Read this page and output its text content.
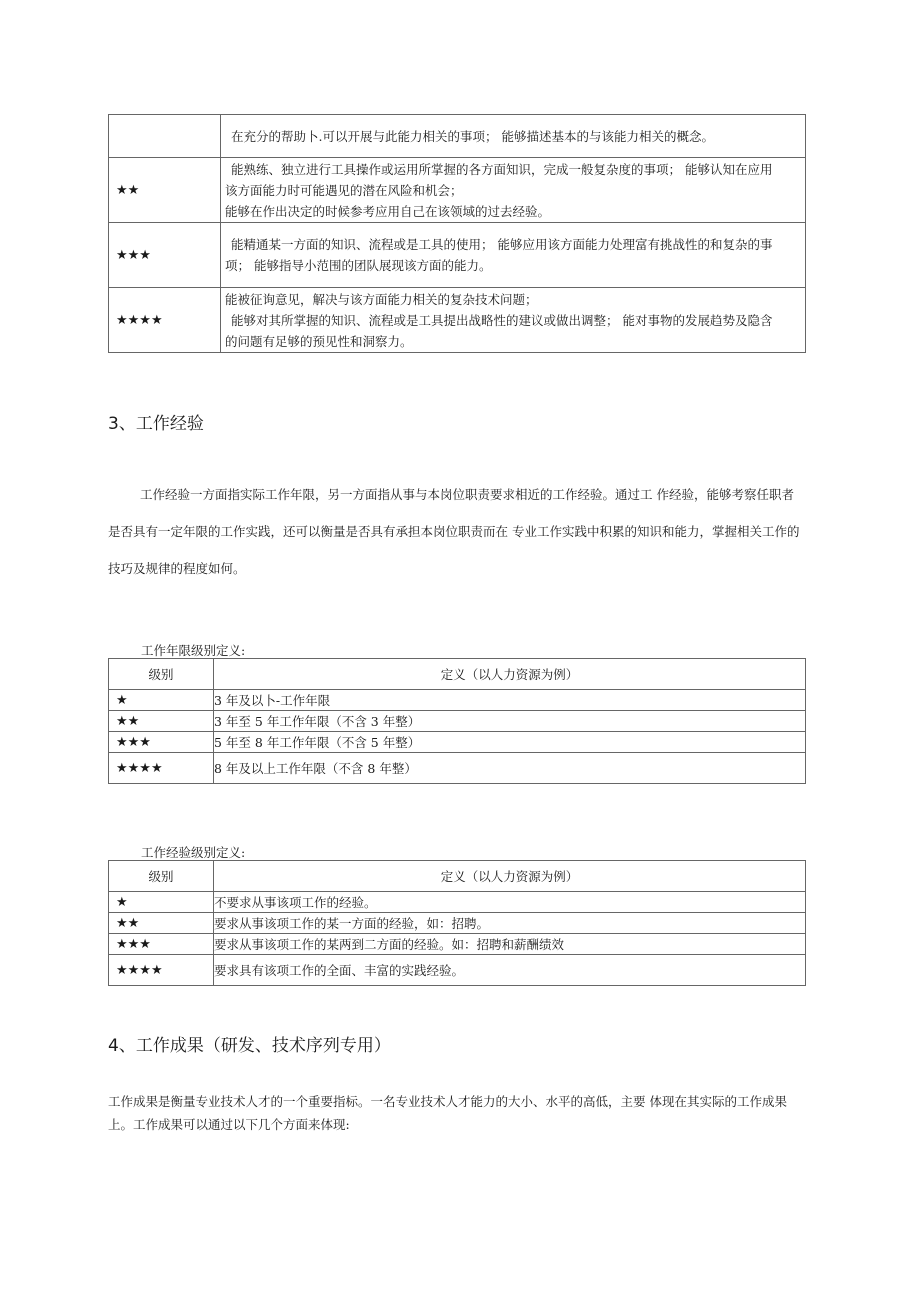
	在充分的帮助卜.可以开展与此能力相关的事项； 能够描述基本的与该能力相关的概念。

★★	能熟练、独立进行工具操作或运用所掌握的各方面知识，完成一般复杂度的事项； 能够认知在应用

该方面能力时可能遇见的潜在风险和机会；

能够在作出决定的时候参考应用自己在该领域的过去经验。

★★★	能精通某一方面的知识、流程或是工具的使用； 能够应用该方面能力处理富有挑战性的和复杂的事

项； 能够指导小范围的团队展现该方面的能力。

★★★★	能被征询意见，解决与该方面能力相关的复杂技术问题；

能够对其所掌握的知识、流程或是工具提出战略性的建议或做出调整； 能对事物的发展趋势及隐含

的问题有足够的预见性和洞察力。

3、工作经验

工作经验一方面指实际工作年限，另一方面指从事与本岗位职责要求相近的工作经验。通过工 作经验，能够考察任职者是否具有一定年限的工作实践，还可以衡量是否具有承担本岗位职责而在 专业工作实践中积累的知识和能力，掌握相关工作的技巧及规律的程度如何。

工作年限级别定义:
级别	定义（以人力资源为例）
★	3 年及以卜-工作年限
★★	3 年至 5 年工作年限（不含 3 年整）
★★★	5 年至 8 年工作年限（不含 5 年整）
★★★★	8 年及以上工作年限（不含 8 年整）
工作经验级别定义:
级别	定义（以人力资源为例）
★	不要求从事该项工作的经验。
★★	要求从事该项工作的某一方面的经验，如：招聘。
★★★	要求从事该项工作的某两到二方面的经验。如：招聘和薪酬绩效
★★★★	要求具有该项工作的全面、丰富的实践经验。
4、工作成果（研发、技术序列专用）

工作成果是衡量专业技术人才的一个重要指标。一名专业技术人才能力的大小、水平的高低，主要 体现在其实际的工作成果上。工作成果可以通过以下几个方面来体现:
